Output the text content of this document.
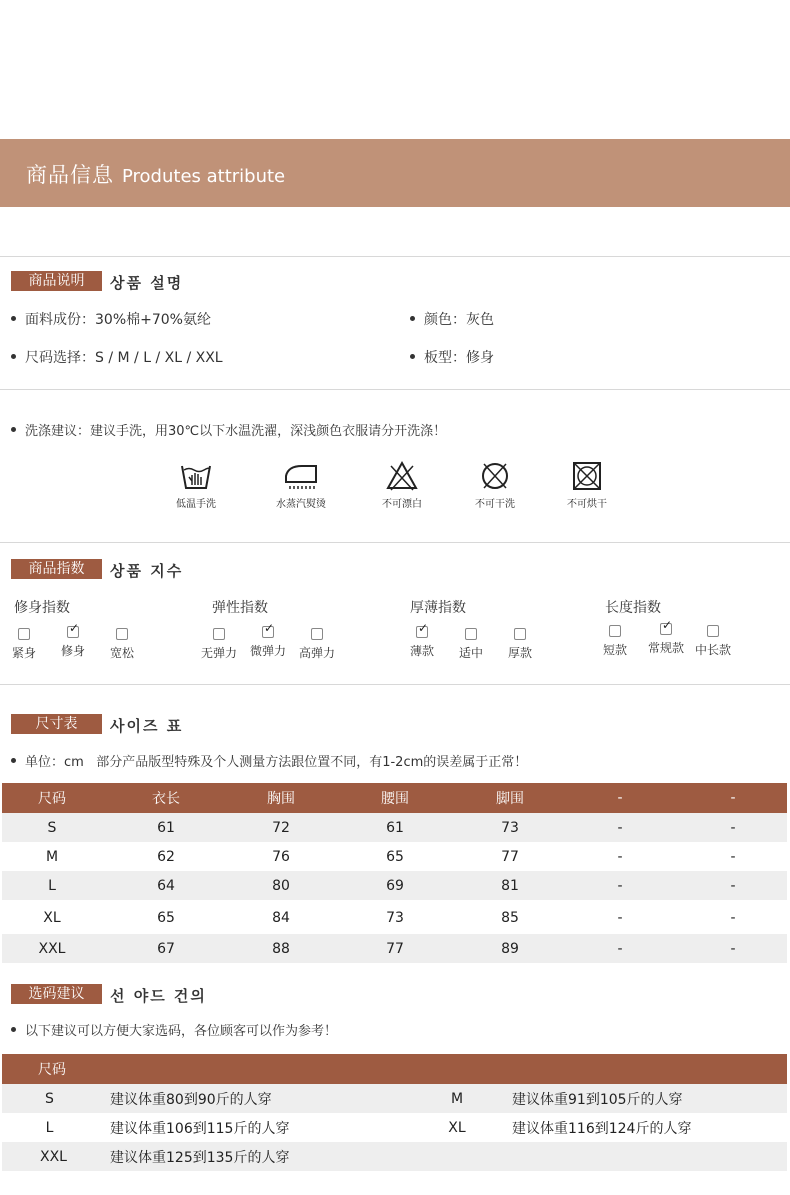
商品信息 Produtes attribute
商品说明	상품 설명
面料成份：30%棉+70%氨纶	颜色：灰色
尺码选择：S / M / L / XL / XXL	板型：修身
洗涤建议：建议手洗，用30℃以下水温洗濯，深浅颜色衣服请分开洗涤！
低温手洗	水蒸汽熨烫	不可漂白	不可干洗	不可烘干
商品指数	상품 지수
修身指数
紧身
✓	修身	宽松
弹性指数
无弹力
✓	微弹力	高弹力
厚薄指数
✓
薄款	适中	厚款
长度指数
短款
✓	常规款 中长款
尺寸表	사이즈 표
单位：cm   部分产品版型特殊及个人测量方法跟位置不同，有1-2cm的误差属于正常！
尺码	衣长	胸围	腰围	脚围	-	-
S	61	72	61	73	-	-
M	62	76	65	77	-	-
L	64	80	69	81	-	-
XL	65	84	73	85	-	-
XXL	67	88	77	89	-	-
选码建议	선 야드 건의
以下建议可以方便大家选码，各位顾客可以作为参考！
尺码
S	建议体重80到90斤的人穿	M	建议体重91到105斤的人穿
L	建议体重106到115斤的人穿	XL	建议体重116到124斤的人穿
XXL	建议体重125到135斤的人穿
